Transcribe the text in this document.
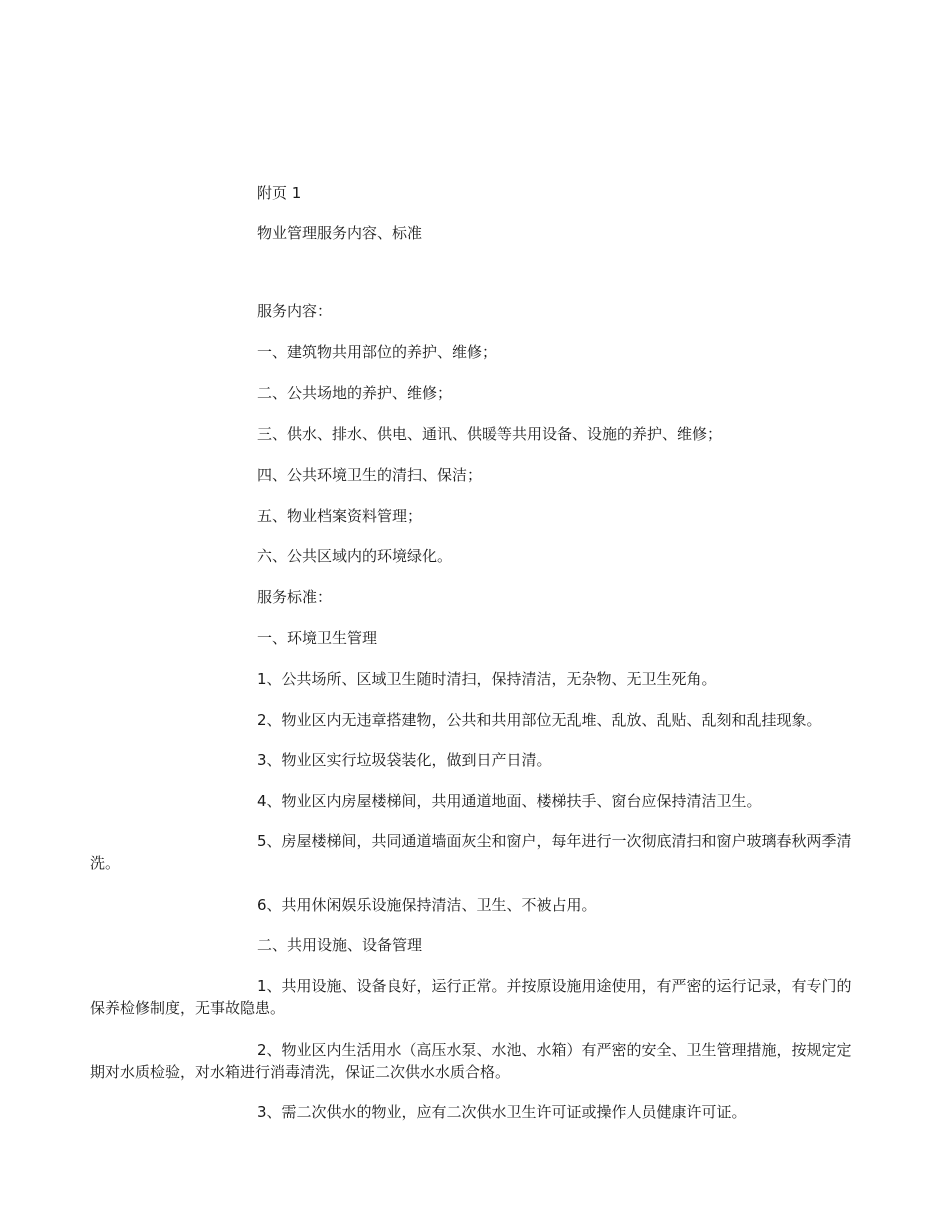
附页 1
物业管理服务内容、标准
服务内容：
一、建筑物共用部位的养护、维修；
二、公共场地的养护、维修；
三、供水、排水、供电、通讯、供暖等共用设备、设施的养护、维修；
四、公共环境卫生的清扫、保洁；
五、物业档案资料管理；
六、公共区域内的环境绿化。
服务标准：
一、环境卫生管理
1、公共场所、区域卫生随时清扫，保持清洁，无杂物、无卫生死角。
2、物业区内无违章搭建物，公共和共用部位无乱堆、乱放、乱贴、乱刻和乱挂现象。
3、物业区实行垃圾袋装化，做到日产日清。
4、物业区内房屋楼梯间，共用通道地面、楼梯扶手、窗台应保持清洁卫生。
5、房屋楼梯间，共同通道墙面灰尘和窗户，每年进行一次彻底清扫和窗户玻璃春秋两季清洗。
6、共用休闲娱乐设施保持清洁、卫生、不被占用。
二、共用设施、设备管理
1、共用设施、设备良好，运行正常。并按原设施用途使用，有严密的运行记录，有专门的保养检修制度，无事故隐患。
2、物业区内生活用水（高压水泵、水池、水箱）有严密的安全、卫生管理措施，按规定定期对水质检验，对水箱进行消毒清洗，保证二次供水水质合格。
3、需二次供水的物业，应有二次供水卫生许可证或操作人员健康许可证。
